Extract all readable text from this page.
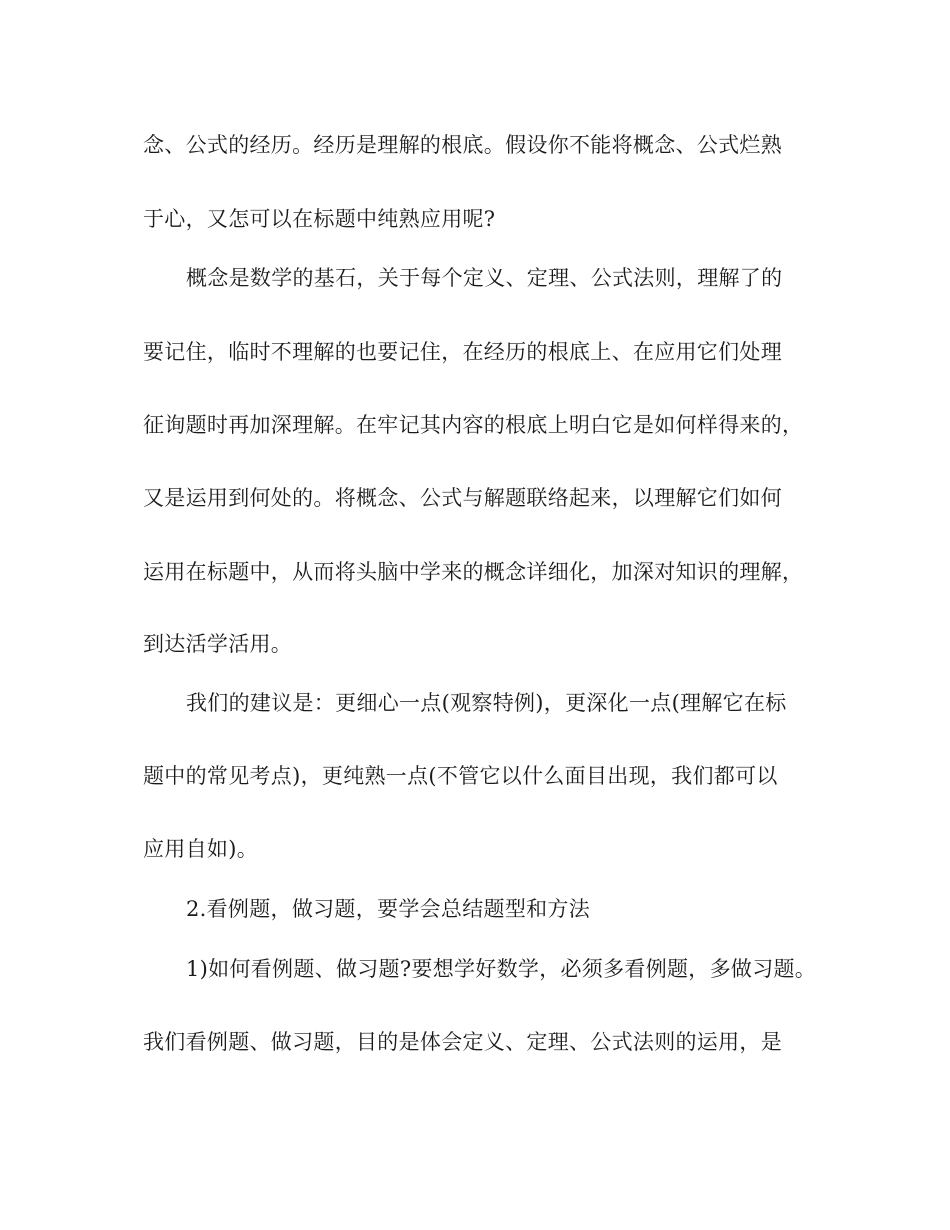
念、公式的经历。经历是理解的根底。假设你不能将概念、公式烂熟
于心，又怎可以在标题中纯熟应用呢?
概念是数学的基石，关于每个定义、定理、公式法则，理解了的
要记住，临时不理解的也要记住，在经历的根底上、在应用它们处理
征询题时再加深理解。在牢记其内容的根底上明白它是如何样得来的，
又是运用到何处的。将概念、公式与解题联络起来，以理解它们如何
运用在标题中，从而将头脑中学来的概念详细化，加深对知识的理解，
到达活学活用。
我们的建议是：更细心一点(观察特例)，更深化一点(理解它在标
题中的常见考点)，更纯熟一点(不管它以什么面目出现，我们都可以
应用自如)。
2.看例题，做习题，要学会总结题型和方法
1)如何看例题、做习题?要想学好数学，必须多看例题，多做习题。
我们看例题、做习题，目的是体会定义、定理、公式法则的运用，是
